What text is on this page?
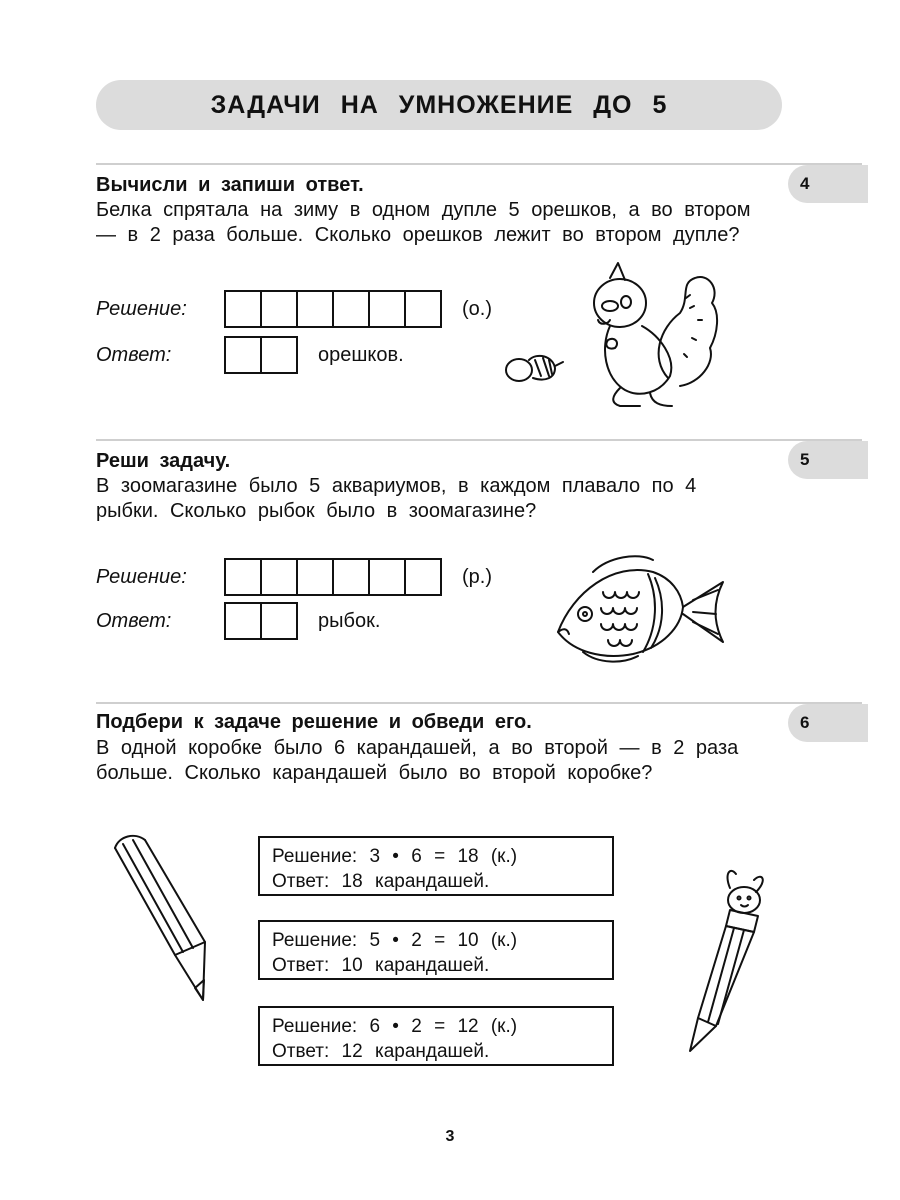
ЗАДАЧИ НА УМНОЖЕНИЕ ДО 5
4
Вычисли и запиши ответ.
Белка спрятала на зиму в одном дупле 5 орешков, а во втором — в 2 раза больше. Сколько орешков лежит во втором дупле?
Решение:	(о.)
Ответ:	орешков.
5
Реши задачу.
В зоомагазине было 5 аквариумов, в каждом плавало по 4 рыбки. Сколько рыбок было в зоомагазине?
Решение:	(р.)
Ответ:	рыбок.
6
Подбери к задаче решение и обведи его.
В одной коробке было 6 карандашей, а во второй — в 2 раза больше. Сколько карандашей было во второй коробке?
Решение: 3 • 6 = 18 (к.)
Ответ: 18 карандашей.
Решение: 5 • 2 = 10 (к.)
Ответ: 10 карандашей.
Решение: 6 • 2 = 12 (к.)
Ответ: 12 карандашей.
3
